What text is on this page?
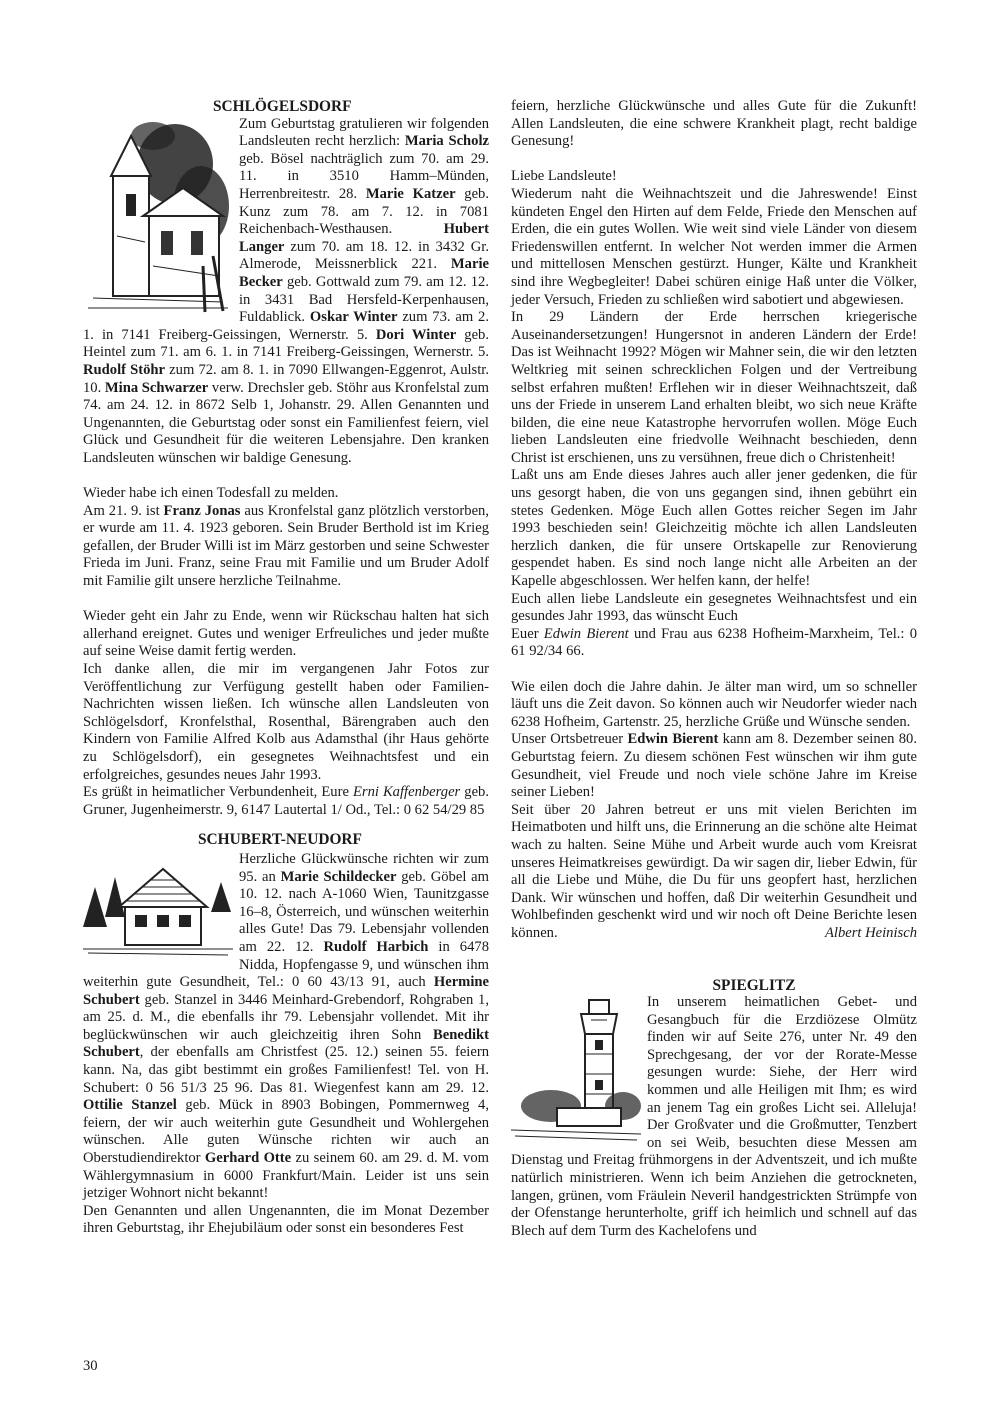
SCHLÖGELSDORF

Zum Geburtstag gratulieren wir folgenden Landsleuten recht herzlich: Maria Scholz geb. Bösel nachträglich zum 70. am 29. 11. in 3510 Hamm–Münden, Herrenbreitestr. 28. Marie Katzer geb. Kunz zum 78. am 7. 12. in 7081 Reichenbach-Westhausen. Hubert Langer zum 70. am 18. 12. in 3432 Gr. Almerode, Meissnerblick 221. Marie Becker geb. Gottwald zum 79. am 12. 12. in 3431 Bad Hersfeld-Kerpenhausen, Fuldablick. Oskar Winter zum 73. am 2. 1. in 7141 Freiberg-Geissingen, Wernerstr. 5. Dori Winter geb. Heintel zum 71. am 6. 1. in 7141 Freiberg-Geissingen, Wernerstr. 5. Rudolf Stöhr zum 72. am 8. 1. in 7090 Ellwangen-Eggenrot, Aulstr. 10. Mina Schwarzer verw. Drechsler geb. Stöhr aus Kronfelstal zum 74. am 24. 12. in 8672 Selb 1, Johanstr. 29. Allen Genannten und Ungenannten, die Geburtstag oder sonst ein Familienfest feiern, viel Glück und Gesundheit für die weiteren Lebensjahre. Den kranken Landsleuten wünschen wir baldige Genesung.

Wieder habe ich einen Todesfall zu melden.

Am 21. 9. ist Franz Jonas aus Kronfelstal ganz plötzlich verstorben, er wurde am 11. 4. 1923 geboren. Sein Bruder Berthold ist im Krieg gefallen, der Bruder Willi ist im März gestorben und seine Schwester Frieda im Juni. Franz, seine Frau mit Familie und um Bruder Adolf mit Familie gilt unsere herzliche Teilnahme.

Wieder geht ein Jahr zu Ende, wenn wir Rückschau halten hat sich allerhand ereignet. Gutes und weniger Erfreuliches und jeder mußte auf seine Weise damit fertig werden.

Ich danke allen, die mir im vergangenen Jahr Fotos zur Veröffentlichung zur Verfügung gestellt haben oder Familien-Nachrichten wissen ließen. Ich wünsche allen Landsleuten von Schlögelsdorf, Kronfelsthal, Rosenthal, Bärengraben auch den Kindern von Familie Alfred Kolb aus Adamsthal (ihr Haus gehörte zu Schlögelsdorf), ein gesegnetes Weihnachtsfest und ein erfolgreiches, gesundes neues Jahr 1993.

Es grüßt in heimatlicher Verbundenheit, Eure Erni Kaffenberger geb. Gruner, Jugenheimerstr. 9, 6147 Lautertal 1/ Od., Tel.: 0 62 54/29 85

SCHUBERT-NEUDORF

Herzliche Glückwünsche richten wir zum 95. an Marie Schildecker geb. Göbel am 10. 12. nach A-1060 Wien, Taunitzgasse 16–8, Österreich, und wünschen weiterhin alles Gute! Das 79. Lebensjahr vollenden am 22. 12. Rudolf Harbich in 6478 Nidda, Hopfengasse 9, und wünschen ihm weiterhin gute Gesundheit, Tel.: 0 60 43/13 91, auch Hermine Schubert geb. Stanzel in 3446 Meinhard-Grebendorf, Rohgraben 1, am 25. d. M., die ebenfalls ihr 79. Lebensjahr vollendet. Mit ihr beglückwünschen wir auch gleichzeitig ihren Sohn Benedikt Schubert, der ebenfalls am Christfest (25. 12.) seinen 55. feiern kann. Na, das gibt bestimmt ein großes Familienfest! Tel. von H. Schubert: 0 56 51/3 25 96. Das 81. Wiegenfest kann am 29. 12. Ottilie Stanzel geb. Mück in 8903 Bobingen, Pommernweg 4, feiern, der wir auch weiterhin gute Gesundheit und Wohlergehen wünschen. Alle guten Wünsche richten wir auch an Oberstudiendirektor Gerhard Otte zu seinem 60. am 29. d. M. vom Wählergymnasium in 6000 Frankfurt/Main. Leider ist uns sein jetziger Wohnort nicht bekannt!

Den Genannten und allen Ungenannten, die im Monat Dezember ihren Geburtstag, ihr Ehejubiläum oder sonst ein besonderes Fest

feiern, herzliche Glückwünsche und alles Gute für die Zukunft! Allen Landsleuten, die eine schwere Krankheit plagt, recht baldige Genesung!

Liebe Landsleute!

Wiederum naht die Weihnachtszeit und die Jahreswende! Einst kündeten Engel den Hirten auf dem Felde, Friede den Menschen auf Erden, die ein gutes Wollen. Wie weit sind viele Länder von diesem Friedenswillen entfernt. In welcher Not werden immer die Armen und mittellosen Menschen gestürzt. Hunger, Kälte und Krankheit sind ihre Wegbegleiter! Dabei schüren einige Haß unter die Völker, jeder Versuch, Frieden zu schließen wird sabotiert und abgewiesen.

In 29 Ländern der Erde herrschen kriegerische Auseinandersetzungen! Hungersnot in anderen Ländern der Erde! Das ist Weihnacht 1992? Mögen wir Mahner sein, die wir den letzten Weltkrieg mit seinen schrecklichen Folgen und der Vertreibung selbst erfahren mußten! Erflehen wir in dieser Weihnachtszeit, daß uns der Friede in unserem Land erhalten bleibt, wo sich neue Kräfte bilden, die eine neue Katastrophe hervorrufen wollen. Möge Euch lieben Landsleuten eine friedvolle Weihnacht beschieden, denn Christ ist erschienen, uns zu versühnen, freue dich o Christenheit!

Laßt uns am Ende dieses Jahres auch aller jener gedenken, die für uns gesorgt haben, die von uns gegangen sind, ihnen gebührt ein stetes Gedenken. Möge Euch allen Gottes reicher Segen im Jahr 1993 beschieden sein! Gleichzeitig möchte ich allen Landsleuten herzlich danken, die für unsere Ortskapelle zur Renovierung gespendet haben. Es sind noch lange nicht alle Arbeiten an der Kapelle abgeschlossen. Wer helfen kann, der helfe!

Euch allen liebe Landsleute ein gesegnetes Weihnachtsfest und ein gesundes Jahr 1993, das wünscht Euch

Euer Edwin Bierent und Frau aus 6238 Hofheim-Marxheim, Tel.: 0 61 92/34 66.

Wie eilen doch die Jahre dahin. Je älter man wird, um so schneller läuft uns die Zeit davon. So können auch wir Neudorfer wieder nach 6238 Hofheim, Gartenstr. 25, herzliche Grüße und Wünsche senden.

Unser Ortsbetreuer Edwin Bierent kann am 8. Dezember seinen 80. Geburtstag feiern. Zu diesem schönen Fest wünschen wir ihm gute Gesundheit, viel Freude und noch viele schöne Jahre im Kreise seiner Lieben!

Seit über 20 Jahren betreut er uns mit vielen Berichten im Heimatboten und hilft uns, die Erinnerung an die schöne alte Heimat wach zu halten. Seine Mühe und Arbeit wurde auch vom Kreisrat unseres Heimatkreises gewürdigt. Da wir sagen dir, lieber Edwin, für all die Liebe und Mühe, die Du für uns geopfert hast, herzlichen Dank. Wir wünschen und hoffen, daß Dir weiterhin Gesundheit und Wohlbefinden geschenkt wird und wir noch oft Deine Berichte lesen können.	Albert Heinisch

SPIEGLITZ

In unserem heimatlichen Gebet- und Gesangbuch für die Erzdiözese Olmütz finden wir auf Seite 276, unter Nr. 49 den Sprechgesang, der vor der Rorate-Messe gesungen wurde: Siehe, der Herr wird kommen und alle Heiligen mit Ihm; es wird an jenem Tag ein großes Licht sei. Alleluja! Der Großvater und die Großmutter, Tenzbert on sei Weib, besuchten diese Messen am Dienstag und Freitag frühmorgens in der Adventszeit, und ich mußte natürlich ministrieren. Wenn ich beim Anziehen die getrockneten, langen, grünen, vom Fräulein Neveril handgestrickten Strümpfe von der Ofenstange herunterholte, griff ich heimlich und schnell auf das Blech auf dem Turm des Kachelofens und

30
